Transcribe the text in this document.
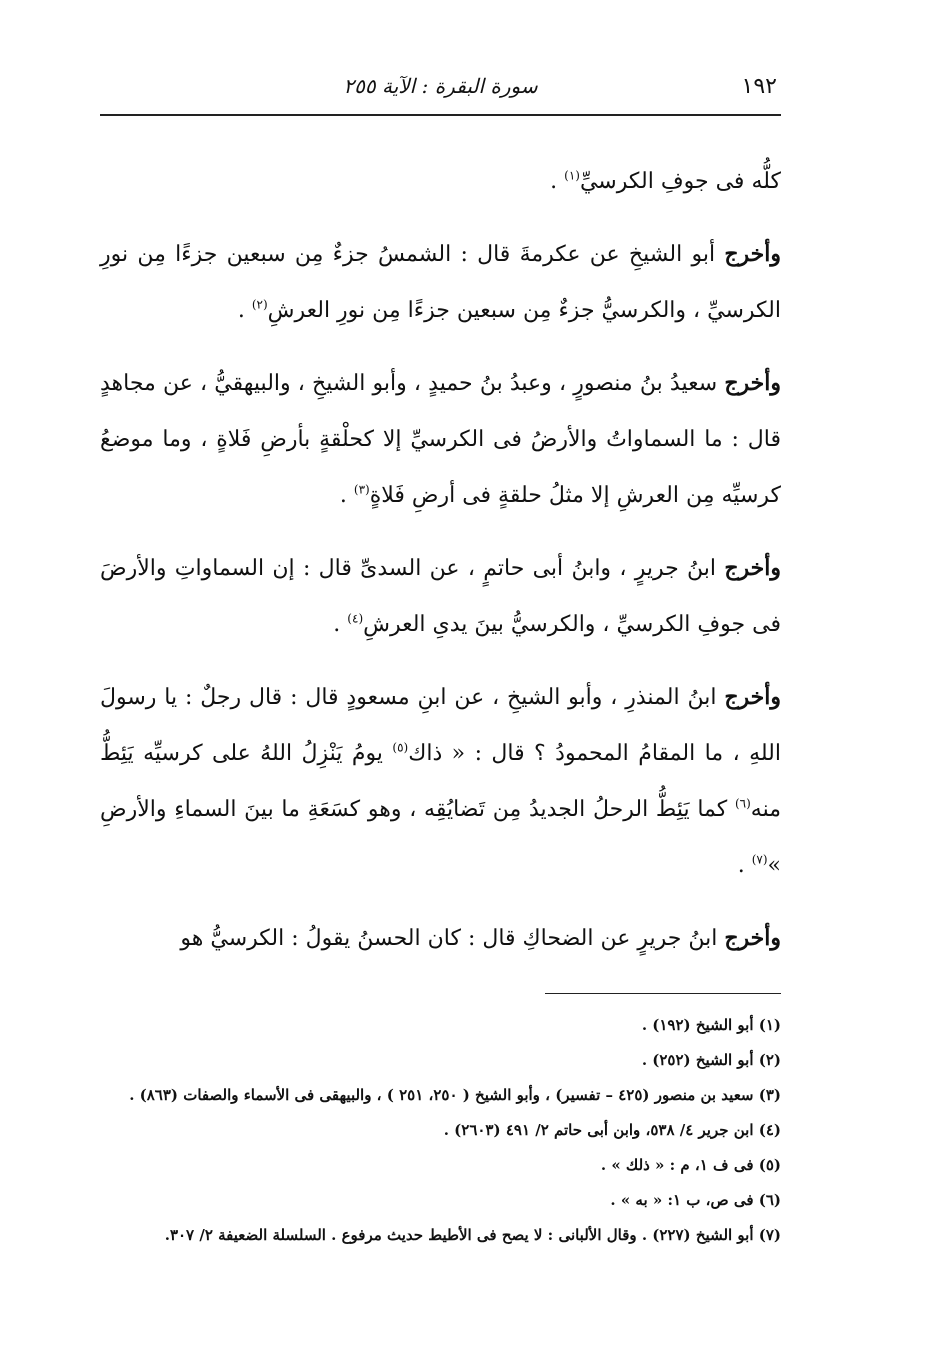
١٩٢
سورة البقرة : الآية ٢٥٥

كلُّه فى جوفِ الكرسيِّ$^{(١)}$ .

وأخرج أبو الشيخِ عن عكرمةَ قال : الشمسُ جزءٌ مِن سبعين جزءًا مِن نورِ الكرسيِّ ، والكرسيُّ جزءٌ مِن سبعين جزءًا مِن نورِ العرشِ$^{(٢)}$ .

وأخرج سعيدُ بنُ منصورٍ ، وعبدُ بنُ حميدٍ ، وأبو الشيخِ ، والبيهقيُّ ، عن مجاهدٍ قال : ما السماواتُ والأرضُ فى الكرسيِّ إلا كحلْقةٍ بأرضِ فَلاةٍ ، وما موضعُ كرسيِّه مِن العرشِ إلا مثلُ حلقةٍ فى أرضِ فَلاةٍ$^{(٣)}$ .

وأخرج ابنُ جريرٍ ، وابنُ أبى حاتمٍ ، عن السدىِّ قال : إن السماواتِ والأرضَ فى جوفِ الكرسيِّ ، والكرسيُّ بينَ يدىِ العرشِ$^{(٤)}$ .

وأخرج ابنُ المنذرِ ، وأبو الشيخِ ، عن ابنِ مسعودٍ قال : قال رجلٌ : يا رسولَ اللهِ ، ما المقامُ المحمودُ ؟ قال : « ذاك$^{(٥)}$ يومُ يَنْزِلُ اللهُ على كرسيِّه يَئِطُّ منه$^{(٦)}$ كما يَئِطُّ الرحلُ الجديدُ مِن تَضايُقِه ، وهو كسَعَةِ ما بينَ السماءِ والأرضِ »$^{(٧)}$ .

وأخرج ابنُ جريرٍ عن الضحاكِ قال : كان الحسنُ يقولُ : الكرسيُّ هو

(١) أبو الشيخ (١٩٢) .

(٢) أبو الشيخ (٢٥٢) .

(٣) سعيد بن منصور (٤٢٥ – تفسير) ، وأبو الشيخ ( ٢٥٠، ٢٥١ ) ، والبيهقى فى الأسماء والصفات (٨٦٣) .

(٤) ابن جرير ٤/ ٥٣٨، وابن أبى حاتم ٢/ ٤٩١ (٢٦٠٣) .

(٥) فى ف ١، م : « ذلك » .

(٦) فى ص، ب ١: « به » .

(٧) أبو الشيخ (٢٢٧) . وقال الألبانى : لا يصح فى الأطيط حديث مرفوع . السلسلة الضعيفة ٢/ ٣٠٧.
